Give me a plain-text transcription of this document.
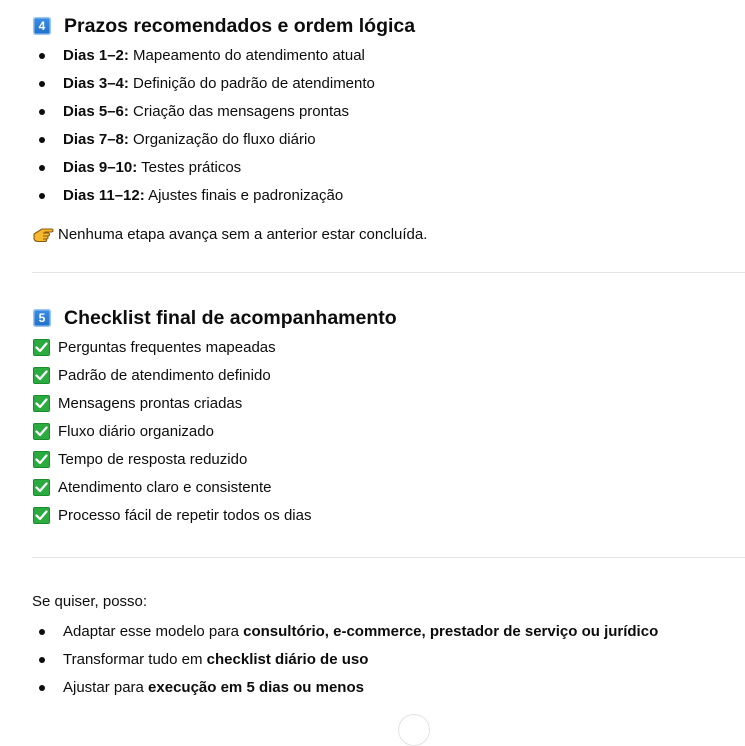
4 Prazos recomendados e ordem lógica
Dias 1–2: Mapeamento do atendimento atual
Dias 3–4: Definição do padrão de atendimento
Dias 5–6: Criação das mensagens prontas
Dias 7–8: Organização do fluxo diário
Dias 9–10: Testes práticos
Dias 11–12: Ajustes finais e padronização
Nenhuma etapa avança sem a anterior estar concluída.
5 Checklist final de acompanhamento
Perguntas frequentes mapeadas
Padrão de atendimento definido
Mensagens prontas criadas
Fluxo diário organizado
Tempo de resposta reduzido
Atendimento claro e consistente
Processo fácil de repetir todos os dias
Se quiser, posso:
Adaptar esse modelo para consultório, e-commerce, prestador de serviço ou jurídico
Transformar tudo em checklist diário de uso
Ajustar para execução em 5 dias ou menos
